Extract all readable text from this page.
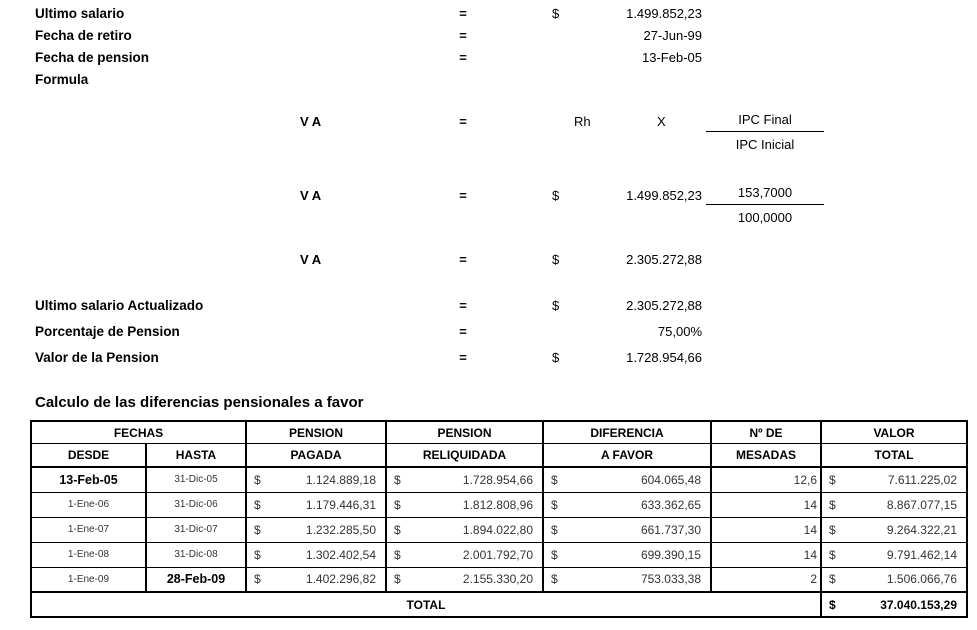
Ultimo salario	=	$	1.499.852,23
Fecha de retiro	=	27-Jun-99
Fecha de pension	=	13-Feb-05
Formula
V A	=	Rh	X	IPC Final
IPC Inicial
V A	=	$	$1.499.852,23 \frac{153,7000}{100,0000}$
V A	=	$	2.305.272,88
Ultimo salario Actualizado	=	$	2.305.272,88
Porcentaje de Pension	=	75,00%
Valor de la Pension	=	$	1.728.954,66
Calculo de las diferencias pensionales a favor
FECHAS		PENSION	PENSION	DIFERENCIA	Nº DE	VALOR
DESDE	HASTA	PAGADA	RELIQUIDADA	A FAVOR	MESADAS	TOTAL
13-Feb-05	31-Dic-05	$ 1.124.889,18	$ 1.728.954,66	$ 604.065,48	12,6	$ 7.611.225,02

1-Ene-06	31-Dic-06	$ 1.179.446,31	$ 1.812.808,96	$ 633.362,65	14	$ 8.867.077,15

1-Ene-07	31-Dic-07	$ 1.232.285,50	$ 1.894.022,80	$ 661.737,30	14	$ 9.264.322,21

1-Ene-08	31-Dic-08	$ 1.302.402,54	$ 2.001.792,70	$ 699.390,15	14	$ 9.791.462,14

1-Ene-09	28-Feb-09	$ 1.402.296,82	$ 2.155.330,20	$ 753.033,38	2	$ 1.506.066,76

TOTAL						$ 37.040.153,29
